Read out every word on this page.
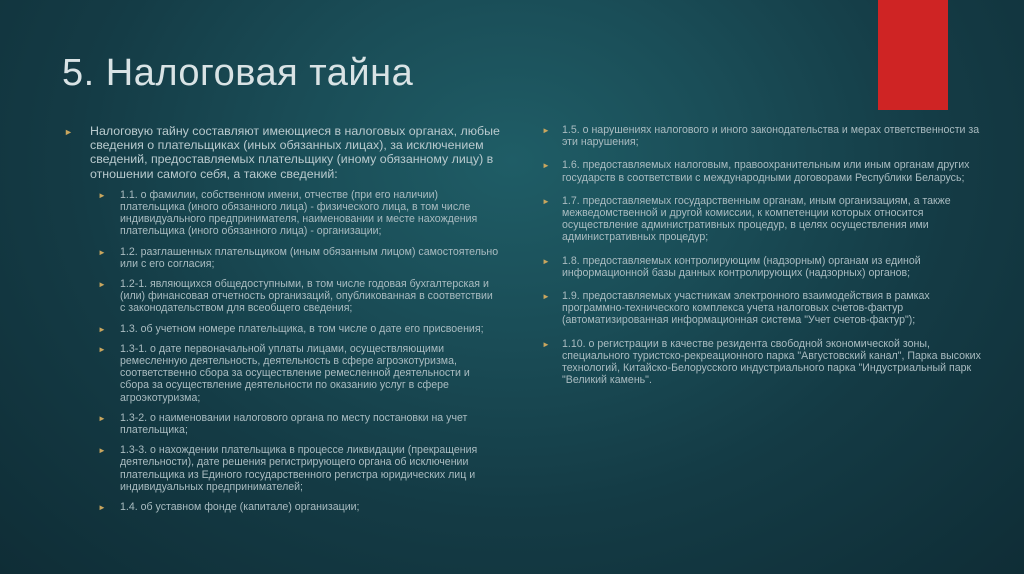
5. Налоговая тайна
► Налоговую тайну составляют имеющиеся в налоговых органах, любые сведения о плательщиках (иных обязанных лицах), за исключением сведений, предоставляемых плательщику (иному обязанному лицу) в отношении самого себя, а также сведений:
► 1.1. о фамилии, собственном имени, отчестве (при его наличии) плательщика (иного обязанного лица) - физического лица, в том числе индивидуального предпринимателя, наименовании и месте нахождения плательщика (иного обязанного лица) - организации;
► 1.2. разглашенных плательщиком (иным обязанным лицом) самостоятельно или с его согласия;
► 1.2-1. являющихся общедоступными, в том числе годовая бухгалтерская и (или) финансовая отчетность организаций, опубликованная в соответствии с законодательством для всеобщего сведения;
► 1.3. об учетном номере плательщика, в том числе о дате его присвоения;
► 1.3-1. о дате первоначальной уплаты лицами, осуществляющими ремесленную деятельность, деятельность в сфере агроэкотуризма, соответственно сбора за осуществление ремесленной деятельности и сбора за осуществление деятельности по оказанию услуг в сфере агроэкотуризма;
► 1.3-2. о наименовании налогового органа по месту постановки на учет плательщика;
► 1.3-3. о нахождении плательщика в процессе ликвидации (прекращения деятельности), дате решения регистрирующего органа об исключении плательщика из Единого государственного регистра юридических лиц и индивидуальных предпринимателей;
► 1.4. об уставном фонде (капитале) организации;
► 1.5. о нарушениях налогового и иного законодательства и мерах ответственности за эти нарушения;
► 1.6. предоставляемых налоговым, правоохранительным или иным органам других государств в соответствии с международными договорами Республики Беларусь;
► 1.7. предоставляемых государственным органам, иным организациям, а также межведомственной и другой комиссии, к компетенции которых относится осуществление административных процедур, в целях осуществления ими административных процедур;
► 1.8. предоставляемых контролирующим (надзорным) органам из единой информационной базы данных контролирующих (надзорных) органов;
► 1.9. предоставляемых участникам электронного взаимодействия в рамках программно-технического комплекса учета налоговых счетов-фактур (автоматизированная информационная система "Учет счетов-фактур");
► 1.10. о регистрации в качестве резидента свободной экономической зоны, специального туристско-рекреационного парка "Августовский канал", Парка высоких технологий, Китайско-Белорусского индустриального парка "Индустриальный парк "Великий камень".
